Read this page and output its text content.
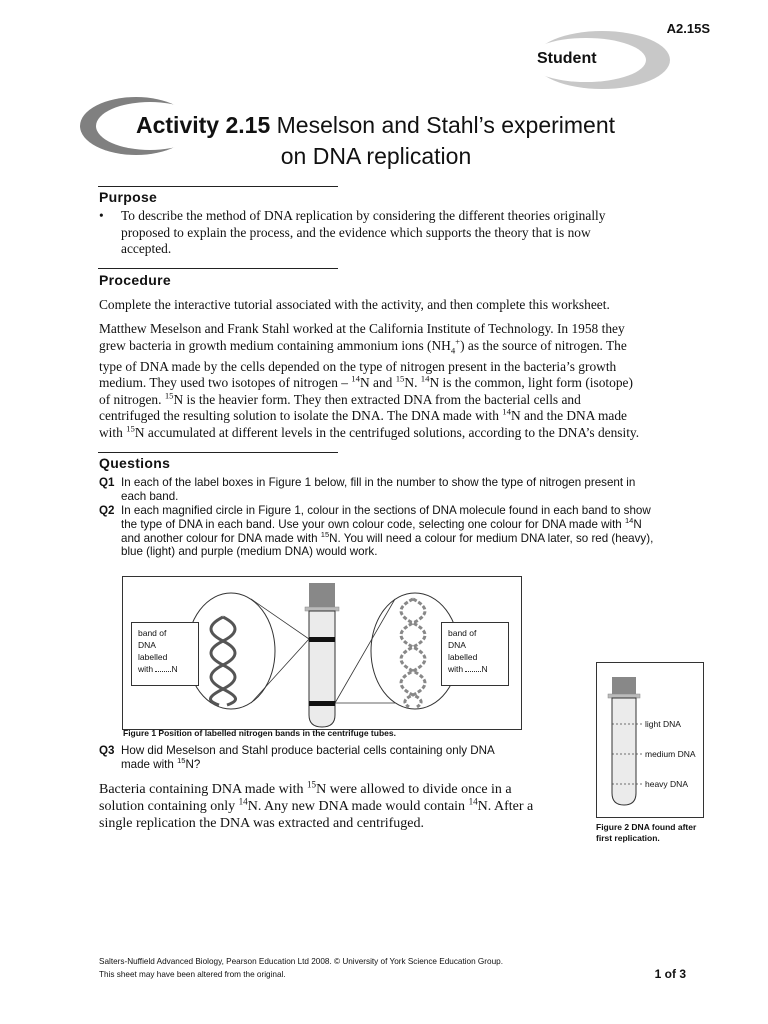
A2.15S
Student
Activity 2.15 Meselson and Stahl’s experiment
on DNA replication
Purpose
• To describe the method of DNA replication by considering the different theories originally proposed to explain the process, and the evidence which supports the theory that is now accepted.
Procedure
Complete the interactive tutorial associated with the activity, and then complete this worksheet.
Matthew Meselson and Frank Stahl worked at the California Institute of Technology. In 1958 they grew bacteria in growth medium containing ammonium ions $(NH_4^+)$ as the source of nitrogen. The type of DNA made by the cells depended on the type of nitrogen present in the bacteria’s growth medium. They used two isotopes of nitrogen – $^{14}$N and $^{15}$N. $^{14}$N is the common, light form (isotope) of nitrogen. $^{15}$N is the heavier form. They then extracted DNA from the bacterial cells and centrifuged the resulting solution to isolate the DNA. The DNA made with $^{14}$N and the DNA made with $^{15}$N accumulated at different levels in the centrifuged solutions, according to the DNA’s density.
Questions
Q1 In each of the label boxes in Figure 1 below, fill in the number to show the type of nitrogen present in each band.
Q2 In each magnified circle in Figure 1, colour in the sections of DNA molecule found in each band to show the type of DNA in each band. Use your own colour code, selecting one colour for DNA made with $^{14}$N and another colour for DNA made with $^{15}$N. You will need a colour for medium DNA later, so red (heavy), blue (light) and purple (medium DNA) would work.
band of
DNA
labelled
with N
band of
DNA
labelled
with N
Figure 1 Position of labelled nitrogen bands in the centrifuge tubes.
Q3 How did Meselson and Stahl produce bacterial cells containing only DNA made with $^{15}$N?
Bacteria containing DNA made with $^{15}$N were allowed to divide once in a solution containing only $^{14}$N. Any new DNA made would contain $^{14}$N. After a single replication the DNA was extracted and centrifuged.
light DNA
medium DNA
heavy DNA
Figure 2 DNA found after
first replication.
Salters-Nuffield Advanced Biology, Pearson Education Ltd 2008. © University of York Science Education Group.
This sheet may have been altered from the original.	1 of 3
